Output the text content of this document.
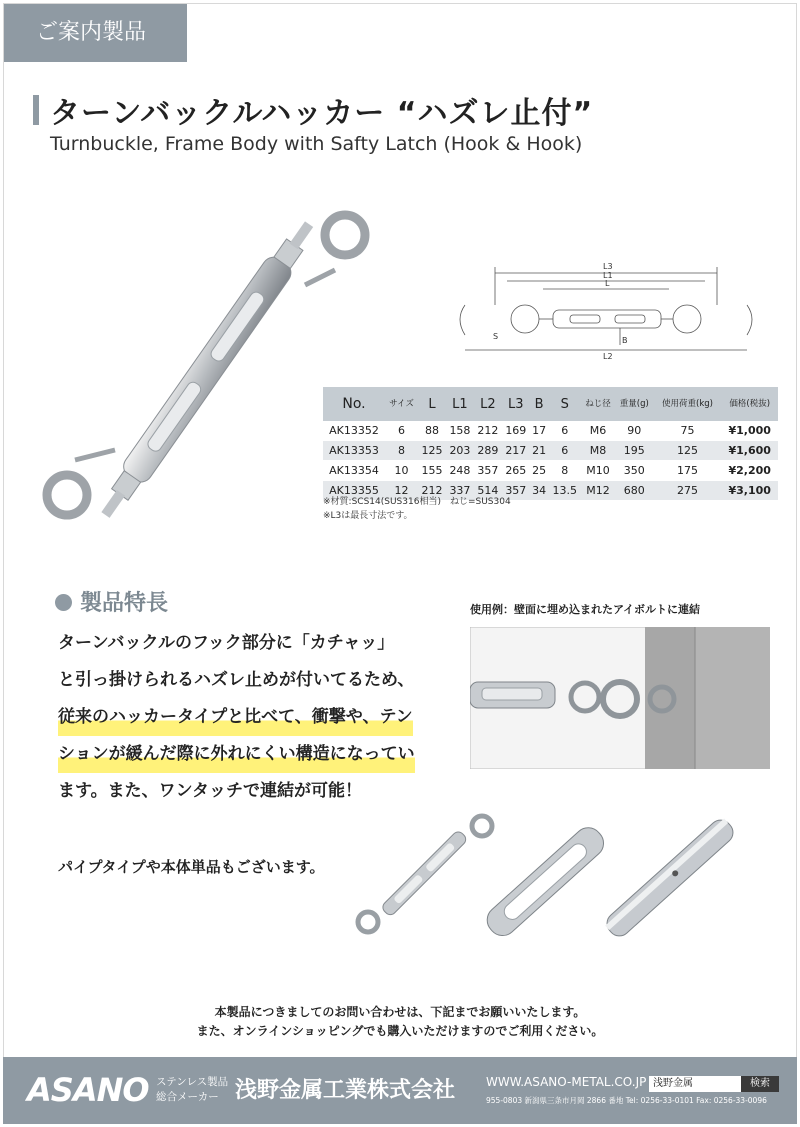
ご案内製品
ターンバックルハッカー “ハズレ止付”
Turnbuckle, Frame Body with Safty Latch (Hook & Hook)
L3
L1
L
B
S
L2
No.	サイズ	L	L1	L2	L3	B	S	ねじ径	重量(g)	使用荷重(kg)	価格(税抜)
AK13352	6	88	158	212	169	17	6	M6	90	75	¥1,000
AK13353	8	125	203	289	217	21	6	M8	195	125	¥1,600
AK13354	10	155	248	357	265	25	8	M10	350	175	¥2,200
AK13355	12	212	337	514	357	34	13.5	M12	680	275	¥3,100
※材質:SCS14(SUS316相当)　ねじ=SUS304
※L3は最長寸法です。
製品特長
ターンバックルのフック部分に「カチャッ」
と引っ掛けられるハズレ止めが付いてるため、
従来のハッカータイプと比べて、衝撃や、テン
ションが緩んだ際に外れにくい構造になってい
ます。また、ワンタッチで連結が可能！
使用例：壁面に埋め込まれたアイボルトに連結
パイプタイプや本体単品もございます。
本製品につきましてのお問い合わせは、下記までお願いいたします。
また、オンラインショッピングでも購入いただけますのでご利用ください。
ASANO ステンレス製品
総合メーカー 浅野金属工業株式会社	WWW.ASANO-METAL.CO.JP
955-0803 新潟県三条市月岡 2866 番地 Tel: 0256-33-0101 Fax: 0256-33-0096
浅野金属	検索
